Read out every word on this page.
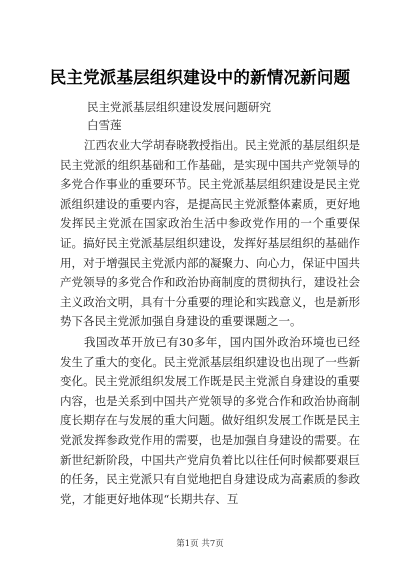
民主党派基层组织建设中的新情况新问题

民主党派基层组织建设发展问题研究

白雪莲

江西农业大学胡春晓教授指出。民主党派的基层组织是民主党派的组织基础和工作基础，是实现中国共产党领导的多党合作事业的重要环节。民主党派基层组织建设是民主党派组织建设的重要内容，是提高民主党派整体素质，更好地发挥民主党派在国家政治生活中参政党作用的一个重要保证。搞好民主党派基层组织建设，发挥好基层组织的基础作用，对于增强民主党派内部的凝聚力、向心力，保证中国共产党领导的多党合作和政治协商制度的贯彻执行，建设社会主义政治文明，具有十分重要的理论和实践意义，也是新形势下各民主党派加强自身建设的重要课题之一。

我国改革开放已有30多年，国内国外政治环境也已经发生了重大的变化。民主党派基层组织建设也出现了一些新变化。民主党派组织发展工作既是民主党派自身建设的重要内容，也是关系到中国共产党领导的多党合作和政治协商制度长期存在与发展的重大问题。做好组织发展工作既是民主党派发挥参政党作用的需要，也是加强自身建设的需要。在新世纪新阶段，中国共产党肩负着比以往任何时候都要艰巨的任务，民主党派只有自觉地把自身建设成为高素质的参政党，才能更好地体现“长期共存、互

第1页 共7页
